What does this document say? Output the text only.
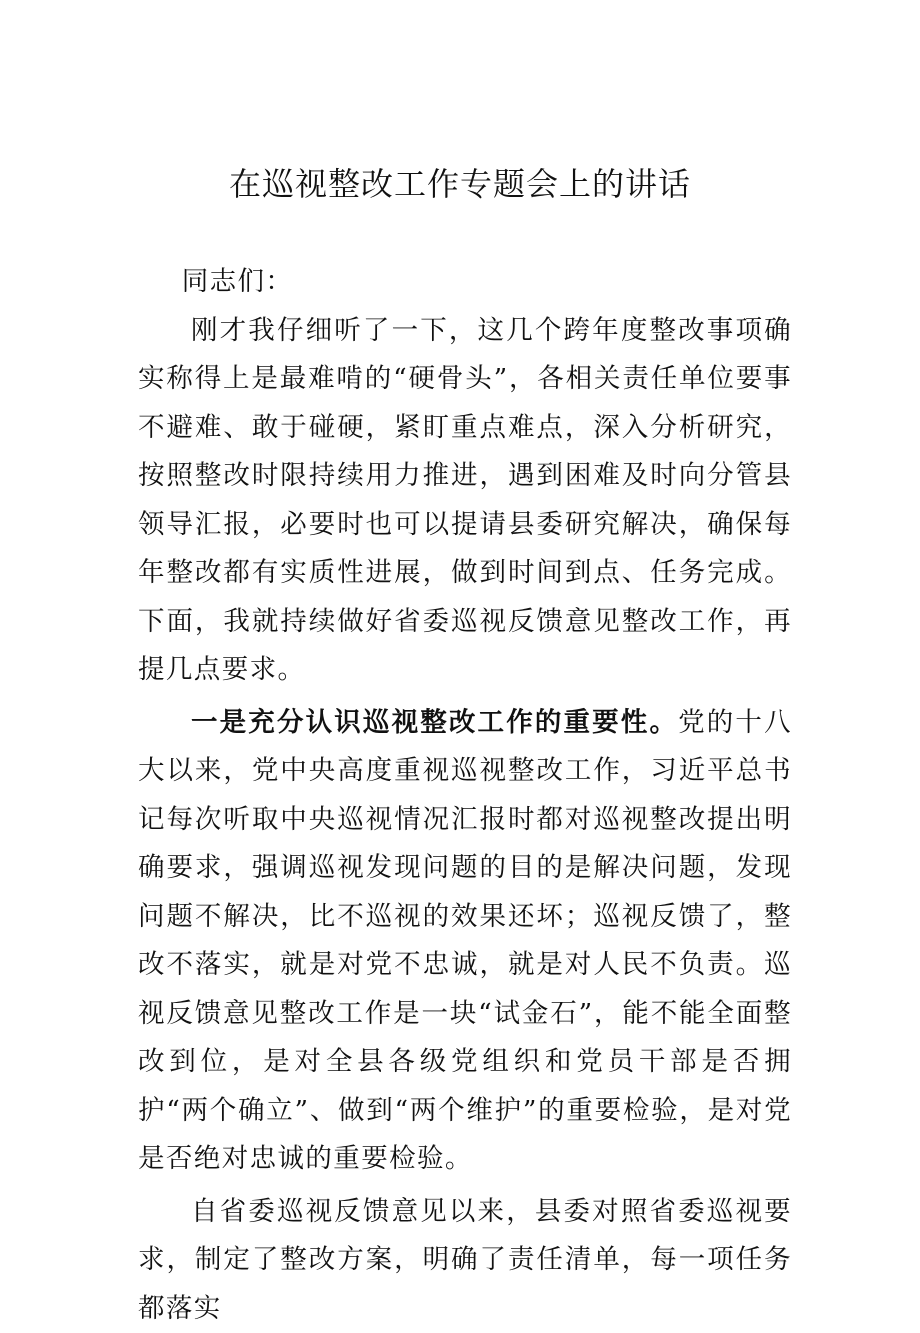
在巡视整改工作专题会上的讲话

同志们：

刚才我仔细听了一下，这几个跨年度整改事项确实称得上是最难啃的“硬骨头”，各相关责任单位要事不避难、敢于碰硬，紧盯重点难点，深入分析研究，按照整改时限持续用力推进，遇到困难及时向分管县领导汇报，必要时也可以提请县委研究解决，确保每年整改都有实质性进展，做到时间到点、任务完成。下面，我就持续做好省委巡视反馈意见整改工作，再提几点要求。

一是充分认识巡视整改工作的重要性。党的十八大以来，党中央高度重视巡视整改工作，习近平总书记每次听取中央巡视情况汇报时都对巡视整改提出明确要求，强调巡视发现问题的目的是解决问题，发现问题不解决，比不巡视的效果还坏；巡视反馈了，整改不落实，就是对党不忠诚，就是对人民不负责。巡视反馈意见整改工作是一块“试金石”，能不能全面整改到位，是对全县各级党组织和党员干部是否拥护“两个确立”、做到“两个维护”的重要检验，是对党是否绝对忠诚的重要检验。

自省委巡视反馈意见以来，县委对照省委巡视要求，制定了整改方案，明确了责任清单，每一项任务都落实
